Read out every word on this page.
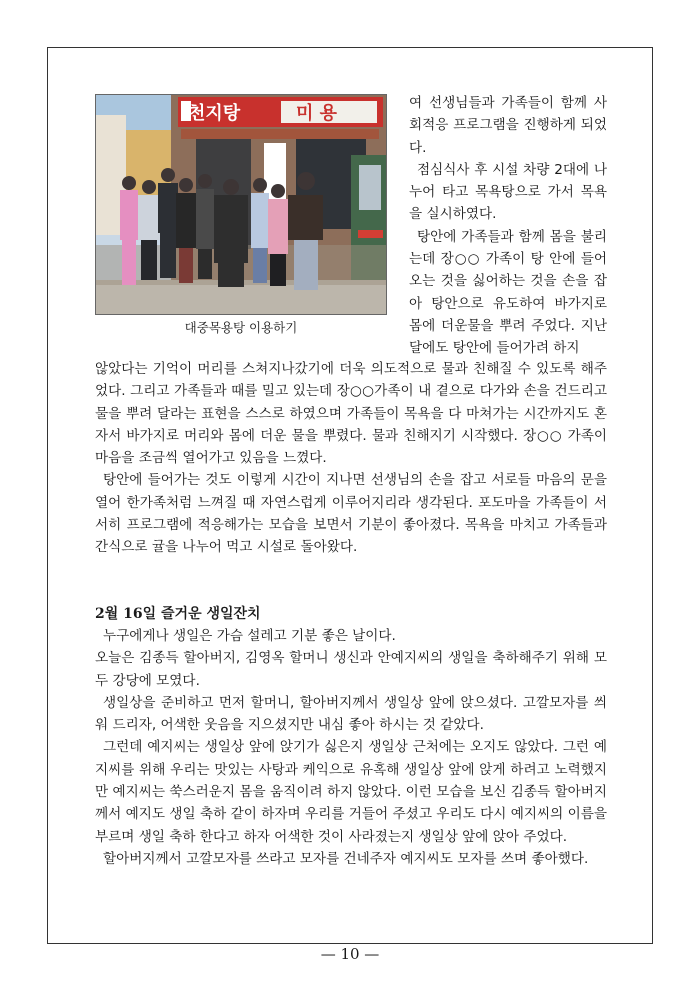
천지탕	미 용
대중목용탕 이용하기

여 선생님들과 가족들이 함께 사회적응 프로그램을 진행하게 되었다.

점심식사 후 시설 차량 2대에 나누어 타고 목욕탕으로 가서 목욕을 실시하였다.

탕안에 가족들과 함께 몸을 불리는데 장○○ 가족이 탕 안에 들어오는 것을 싫어하는 것을 손을 잡아 탕안으로 유도하여 바가지로 몸에 더운물을 뿌려 주었다. 지난 달에도 탕안에 들어가려 하지

않았다는 기억이 머리를 스쳐지나갔기에 더욱 의도적으로 물과 친해질 수 있도록 해주었다. 그리고 가족들과 때를 밀고 있는데 장○○가족이 내 곁으로 다가와 손을 건드리고 물을 뿌려 달라는 표현을 스스로 하였으며 가족들이 목욕을 다 마쳐가는 시간까지도 혼자서 바가지로 머리와 몸에 더운 물을 뿌렸다. 물과 친해지기 시작했다. 장○○ 가족이 마음을 조금씩 열어가고 있음을 느꼈다.

탕안에 들어가는 것도 이렇게 시간이 지나면 선생님의 손을 잡고 서로들 마음의 문을 열어 한가족처럼 느껴질 때 자연스럽게 이루어지리라 생각된다. 포도마을 가족들이 서서히 프로그램에 적응해가는 모습을 보면서 기분이 좋아졌다. 목욕을 마치고 가족들과 간식으로 귤을 나누어 먹고 시설로 돌아왔다.

2월 16일 즐거운 생일잔치

누구에게나 생일은 가슴 설레고 기분 좋은 날이다.

오늘은 김종득 할아버지, 김영옥 할머니 생신과 안예지씨의 생일을 축하해주기 위해 모두 강당에 모였다.

생일상을 준비하고 먼저 할머니, 할아버지께서 생일상 앞에 앉으셨다. 고깔모자를 씌워 드리자, 어색한 웃음을 지으셨지만 내심 좋아 하시는 것 같았다.

그런데 예지씨는 생일상 앞에 앉기가 싫은지 생일상 근처에는 오지도 않았다. 그런 예지씨를 위해 우리는 맛있는 사탕과 케익으로 유혹해 생일상 앞에 앉게 하려고 노력했지만 예지씨는 쑥스러운지 몸을 움직이려 하지 않았다. 이런 모습을 보신 김종득 할아버지께서 예지도 생일 축하 같이 하자며 우리를 거들어 주셨고 우리도 다시 예지씨의 이름을 부르며 생일 축하 한다고 하자 어색한 것이 사라졌는지 생일상 앞에 앉아 주었다.

할아버지께서 고깔모자를 쓰라고 모자를 건네주자 예지씨도 모자를 쓰며 좋아했다.

— 10 —
